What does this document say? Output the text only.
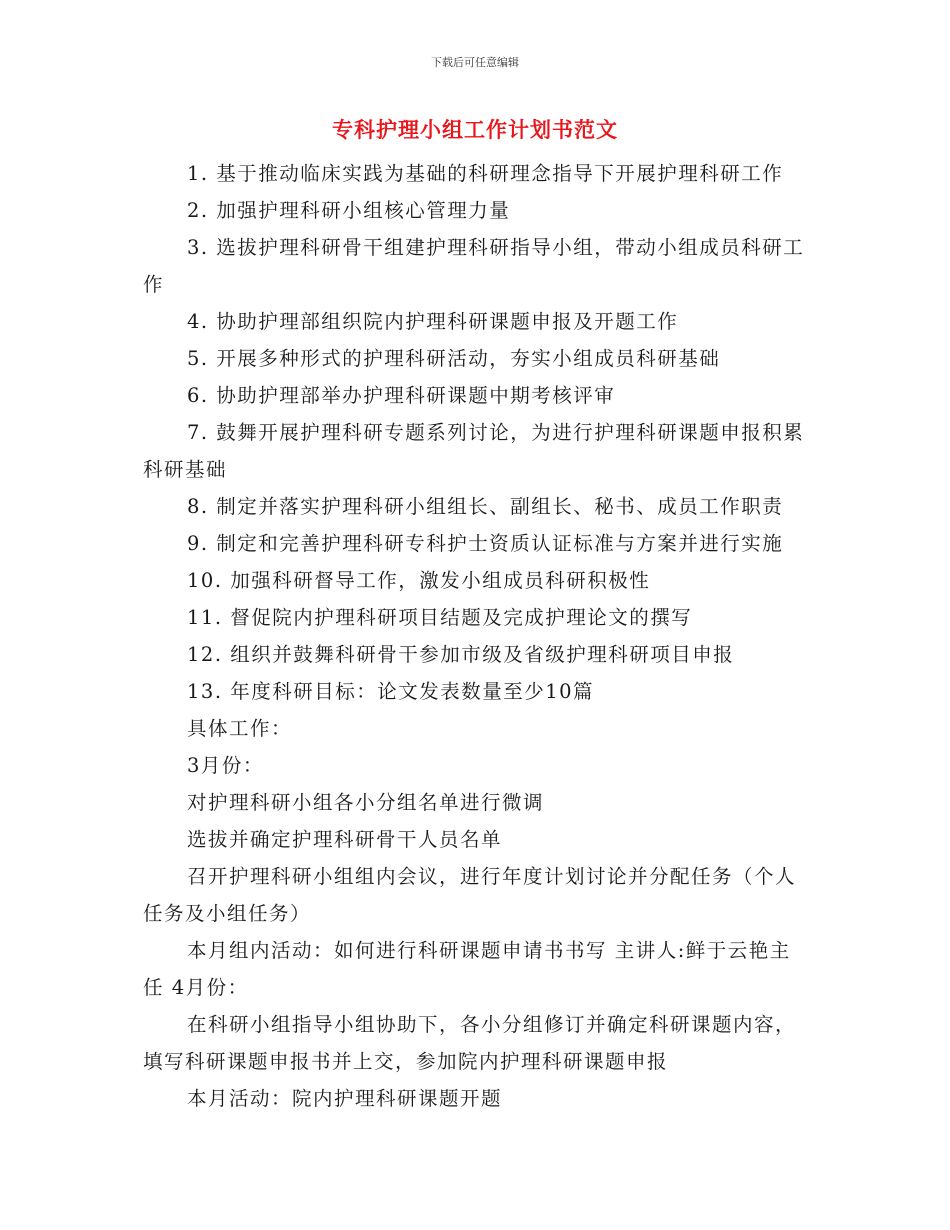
下载后可任意编辑
专科护理小组工作计划书范文

1. 基于推动临床实践为基础的科研理念指导下开展护理科研工作

2. 加强护理科研小组核心管理力量

3. 选拔护理科研骨干组建护理科研指导小组，带动小组成员科研工作

4. 协助护理部组织院内护理科研课题申报及开题工作

5. 开展多种形式的护理科研活动，夯实小组成员科研基础

6. 协助护理部举办护理科研课题中期考核评审

7. 鼓舞开展护理科研专题系列讨论，为进行护理科研课题申报积累科研基础

8. 制定并落实护理科研小组组长、副组长、秘书、成员工作职责

9. 制定和完善护理科研专科护士资质认证标准与方案并进行实施

10. 加强科研督导工作，激发小组成员科研积极性

11. 督促院内护理科研项目结题及完成护理论文的撰写

12. 组织并鼓舞科研骨干参加市级及省级护理科研项目申报

13. 年度科研目标：论文发表数量至少10篇

具体工作：

3月份：

对护理科研小组各小分组名单进行微调

选拔并确定护理科研骨干人员名单

召开护理科研小组组内会议，进行年度计划讨论并分配任务（个人任务及小组任务）

本月组内活动：如何进行科研课题申请书书写 主讲人:鲜于云艳主任 4月份：

在科研小组指导小组协助下，各小分组修订并确定科研课题内容，填写科研课题申报书并上交，参加院内护理科研课题申报

本月活动：院内护理科研课题开题
